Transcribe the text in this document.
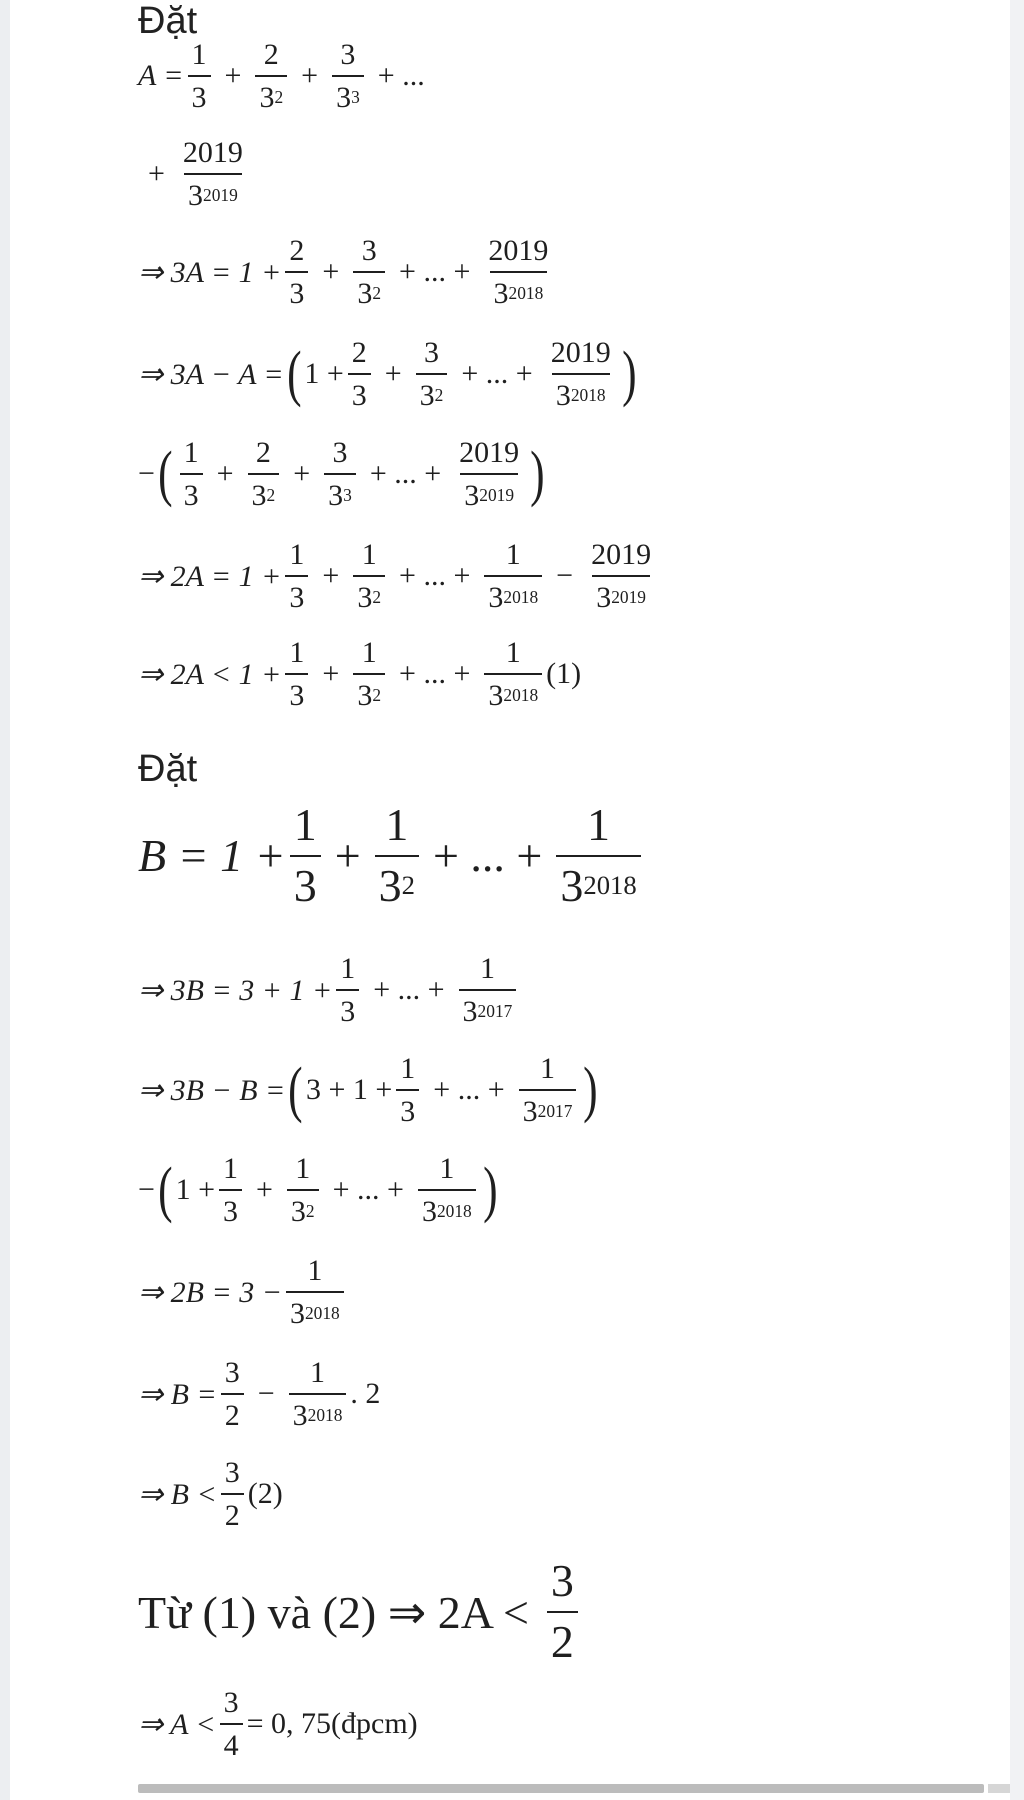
Đặt
$A = \frac{1}{3} + \frac{2}{3^2} + \frac{3}{3^3}$ + ...
+ $\frac{2019}{3^{2019}}$
⇒ $3A = 1 + \frac{2}{3} + \frac{3}{3^2}$ + ... + $\frac{2019}{3^{2018}}$
⇒ 3A − A = ( $1 + \frac{2}{3} + \frac{3}{3^2}$ + ... + $\frac{2019}{3^{2018}}$ )
− ( $\frac{1}{3} + \frac{2}{3^2} + \frac{3}{3^3}$ + ... + $\frac{2019}{3^{2019}}$ )
⇒ $2A = 1 + \frac{1}{3} + \frac{1}{3^2}$ + ... + $\frac{1}{3^{2018}} - \frac{2019}{3^{2019}}$
⇒ $2A < 1 + \frac{1}{3} + \frac{1}{3^2}$ + ... + $\frac{1}{3^{2018}} (1)$
Đặt
$B = 1 + \frac{1}{3} + \frac{1}{3^2}$ + ... + $\frac{1}{3^{2018}}$
⇒ $3B = 3 + 1 + \frac{1}{3}$ + ... + $\frac{1}{3^{2017}}$
⇒ 3B − B = ( $3 + 1 + \frac{1}{3}$ + ... + $\frac{1}{3^{2017}}$ )
− ( $1 + \frac{1}{3} + \frac{1}{3^2}$ + ... + $\frac{1}{3^{2018}}$ )
⇒ $2B = 3 - \frac{1}{3^{2018}}$
⇒ $B = \frac{3}{2} - \frac{1}{3^{2018}}$ . 2
⇒ $B < \frac{3}{2} (2)$
Từ (1) và (2) ⇒ $2A < \frac{3}{2}$
⇒ $A < \frac{3}{4} = 0$, 75(đpcm)
